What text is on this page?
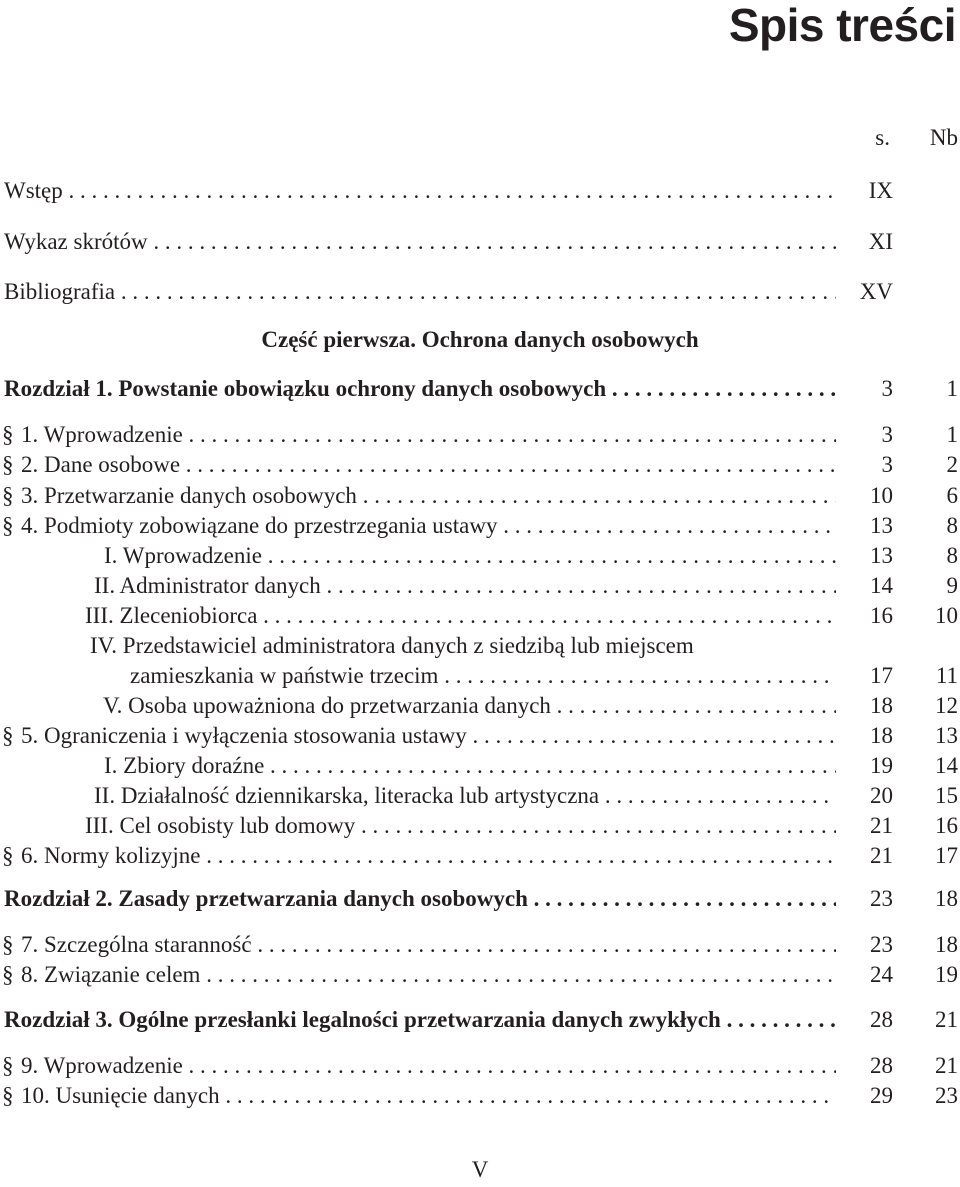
Spis treści
s. Nb
Wstęp . . .	IX
Wykaz skrótów . . .	XI
Bibliografia . . .	XV
Część pierwsza. Ochrona danych osobowych
Rozdział 1. Powstanie obowiązku ochrony danych osobowych . . .	3 1
§ 1. Wprowadzenie . . .	3 1
§ 2. Dane osobowe . . .	3 2
§ 3. Przetwarzanie danych osobowych . . .	10 6
§ 4. Podmioty zobowiązane do przestrzegania ustawy . . .	13 8
I. Wprowadzenie . . .	13 8
II. Administrator danych . . .	14 9
III. Zleceniobiorca . . .	16 10
IV. Przedstawiciel administratora danych z siedzibą lub miejscem
zamieszkania w państwie trzecim . . .	17 11
V. Osoba upoważniona do przetwarzania danych . . .	18 12
§ 5. Ograniczenia i wyłączenia stosowania ustawy . . .	18 13
I. Zbiory doraźne . . .	19 14
II. Działalność dziennikarska, literacka lub artystyczna . . .	20 15
III. Cel osobisty lub domowy . . .	21 16
§ 6. Normy kolizyjne . . .	21 17
Rozdział 2. Zasady przetwarzania danych osobowych . . .	23 18
§ 7. Szczególna staranność . . .	23 18
§ 8. Związanie celem . . .	24 19
Rozdział 3. Ogólne przesłanki legalności przetwarzania danych zwykłych . . .	28 21
§ 9. Wprowadzenie . . .	28 21
§ 10. Usunięcie danych . . .	29 23
V
